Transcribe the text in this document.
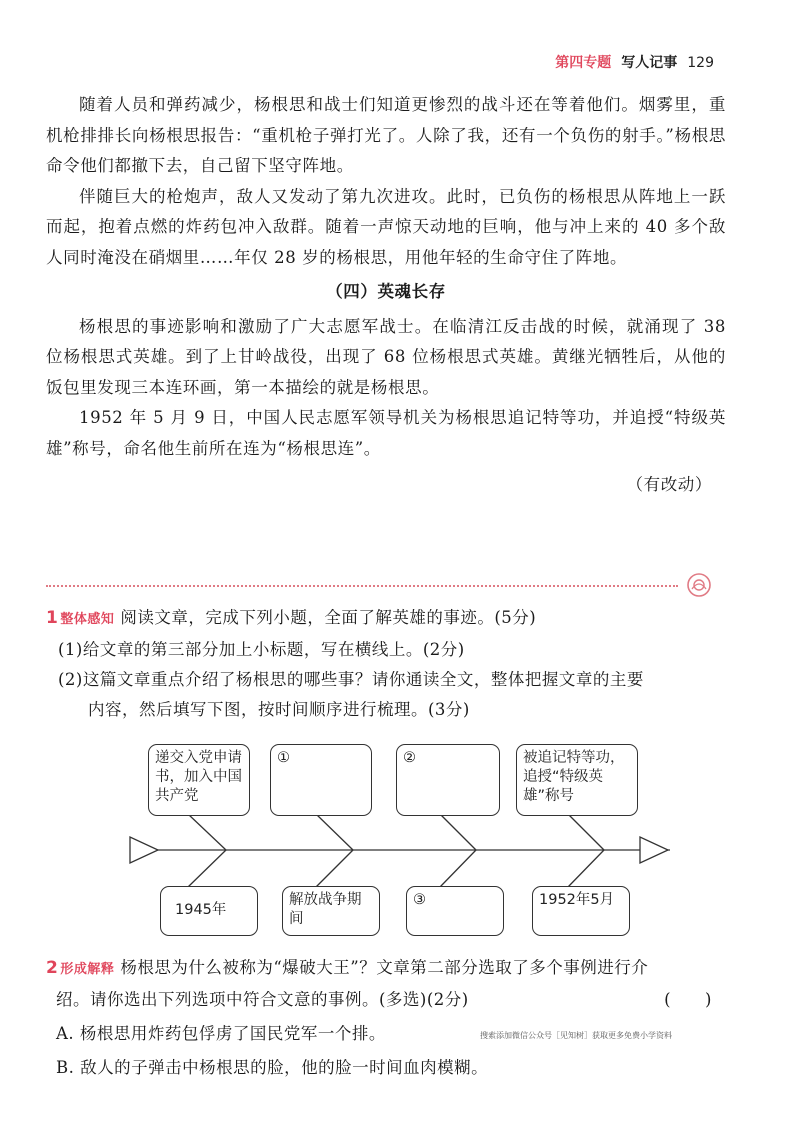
第四专题 写人记事 129

随着人员和弹药减少，杨根思和战士们知道更惨烈的战斗还在等着他们。烟雾里，重机枪排排长向杨根思报告：“重机枪子弹打光了。人除了我，还有一个负伤的射手。”杨根思命令他们都撤下去，自己留下坚守阵地。

伴随巨大的枪炮声，敌人又发动了第九次进攻。此时，已负伤的杨根思从阵地上一跃而起，抱着点燃的炸药包冲入敌群。随着一声惊天动地的巨响，他与冲上来的 40 多个敌人同时淹没在硝烟里……年仅 28 岁的杨根思，用他年轻的生命守住了阵地。

（四）英魂长存

杨根思的事迹影响和激励了广大志愿军战士。在临清江反击战的时候，就涌现了 38 位杨根思式英雄。到了上甘岭战役，出现了 68 位杨根思式英雄。黄继光牺牲后，从他的饭包里发现三本连环画，第一本描绘的就是杨根思。

1952 年 5 月 9 日，中国人民志愿军领导机关为杨根思追记特等功，并追授“特级英雄”称号，命名他生前所在连为“杨根思连”。

（有改动）

1 整体感知 阅读文章，完成下列小题，全面了解英雄的事迹。(5分)
(1)给文章的第三部分加上小标题，写在横线上。(2分)
(2)这篇文章重点介绍了杨根思的哪些事？请你通读全文，整体把握文章的主要
内容，然后填写下图，按时间顺序进行梳理。(3分)
递交入党申请书，加入中国共产党
①	②	被追记特等功，追授“特级英雄”称号
1945年
解放战争期间
③	1952年5月
2 形成解释 杨根思为什么被称为“爆破大王”？文章第二部分选取了多个事例进行介
绍。请你选出下列选项中符合文意的事例。(多选)(2分)	(　　)
A. 杨根思用炸药包俘虏了国民党军一个排。
B. 敌人的子弹击中杨根思的脸，他的脸一时间血肉模糊。
搜索添加微信公众号［见知树］获取更多免费小学资料
